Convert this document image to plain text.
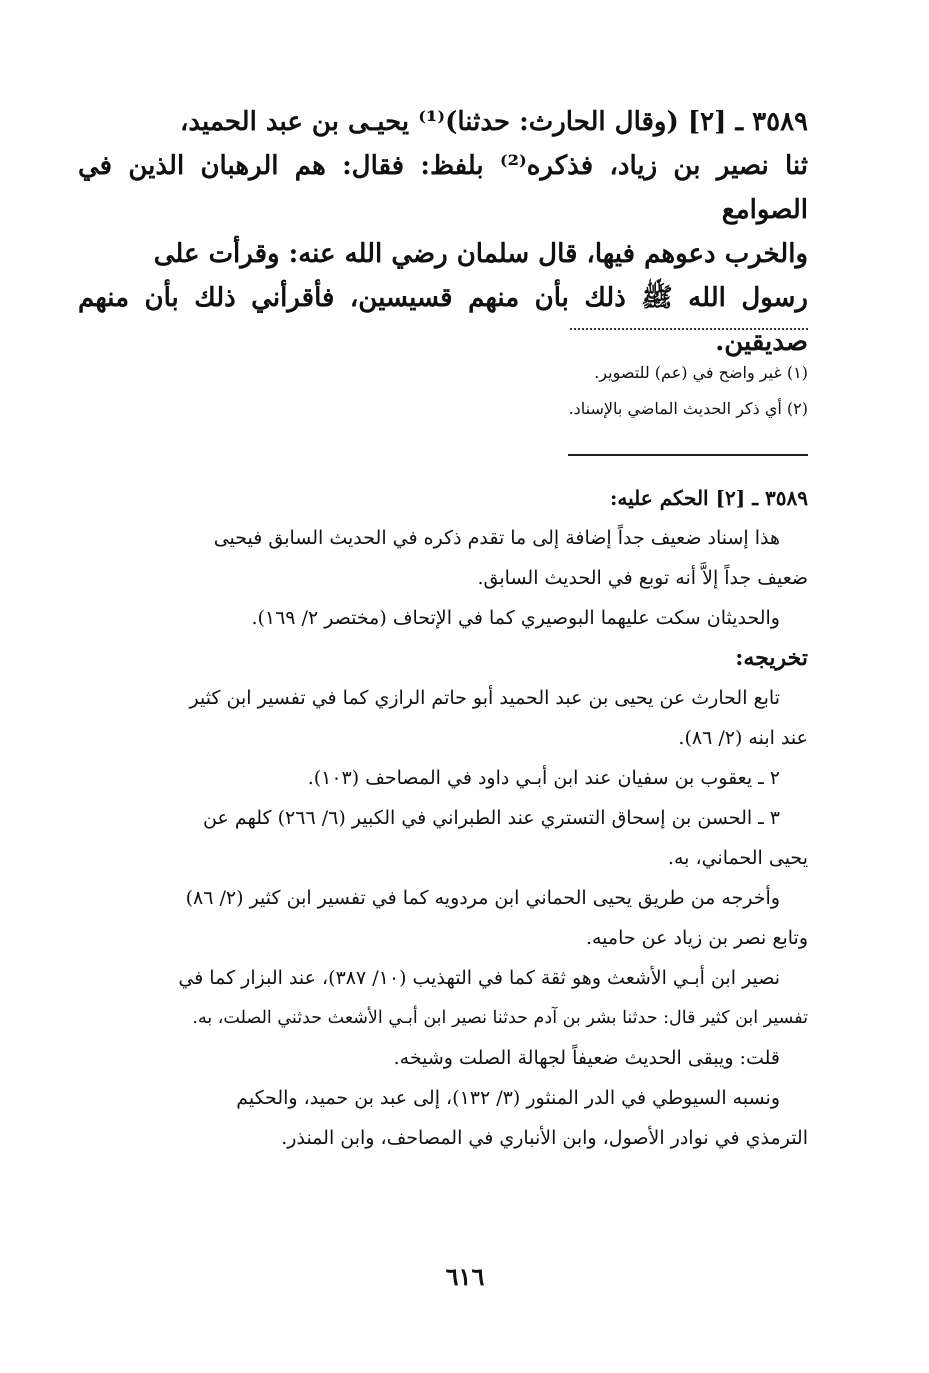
٣٥٨٩ ـ [٢] (وقال الحارث: حدثنا)⁽¹⁾ يحيـى بن عبد الحميد،

ثنا نصير بن زياد، فذكره⁽²⁾ بلفظ: فقال: هم الرهبان الذين في الصوامع

والخرب دعوهم فيها، قال سلمان رضي الله عنه: وقرأت على

رسول الله ﷺ ذلك بأن منهم قسيسين، فأقرأني ذلك بأن منهم صديقين.

(١) غير واضح في (عم) للتصوير.
(٢) أي ذكر الحديث الماضي بالإسناد.

٣٥٨٩ ـ [٢] الحكم عليه:

هذا إسناد ضعيف جداً إضافة إلى ما تقدم ذكره في الحديث السابق فيحيى

ضعيف جداً إلاَّ أنه توبع في الحديث السابق.

والحديثان سكت عليهما البوصيري كما في الإتحاف (مختصر ٢/ ١٦٩).

تخريجه:

تابع الحارث عن يحيى بن عبد الحميد أبو حاتم الرازي كما في تفسير ابن كثير

عند ابنه (٢/ ٨٦).

٢ ـ يعقوب بن سفيان عند ابن أبـي داود في المصاحف (١٠٣).

٣ ـ الحسن بن إسحاق التستري عند الطبراني في الكبير (٦/ ٢٦٦) كلهم عن

يحيى الحماني، به.

وأخرجه من طريق يحيى الحماني ابن مردويه كما في تفسير ابن كثير (٢/ ٨٦)

وتابع نصر بن زياد عن حاميه.

نصير ابن أبـي الأشعث وهو ثقة كما في التهذيب (١٠/ ٣٨٧)، عند البزار كما في

تفسير ابن كثير قال: حدثنا بشر بن آدم حدثنا نصير ابن أبـي الأشعث حدثني الصلت، به.

قلت: ويبقى الحديث ضعيفاً لجهالة الصلت وشيخه.

ونسبه السيوطي في الدر المنثور (٣/ ١٣٢)، إلى عبد بن حميد، والحكيم

الترمذي في نوادر الأصول، وابن الأنباري في المصاحف، وابن المنذر.

٦١٦
